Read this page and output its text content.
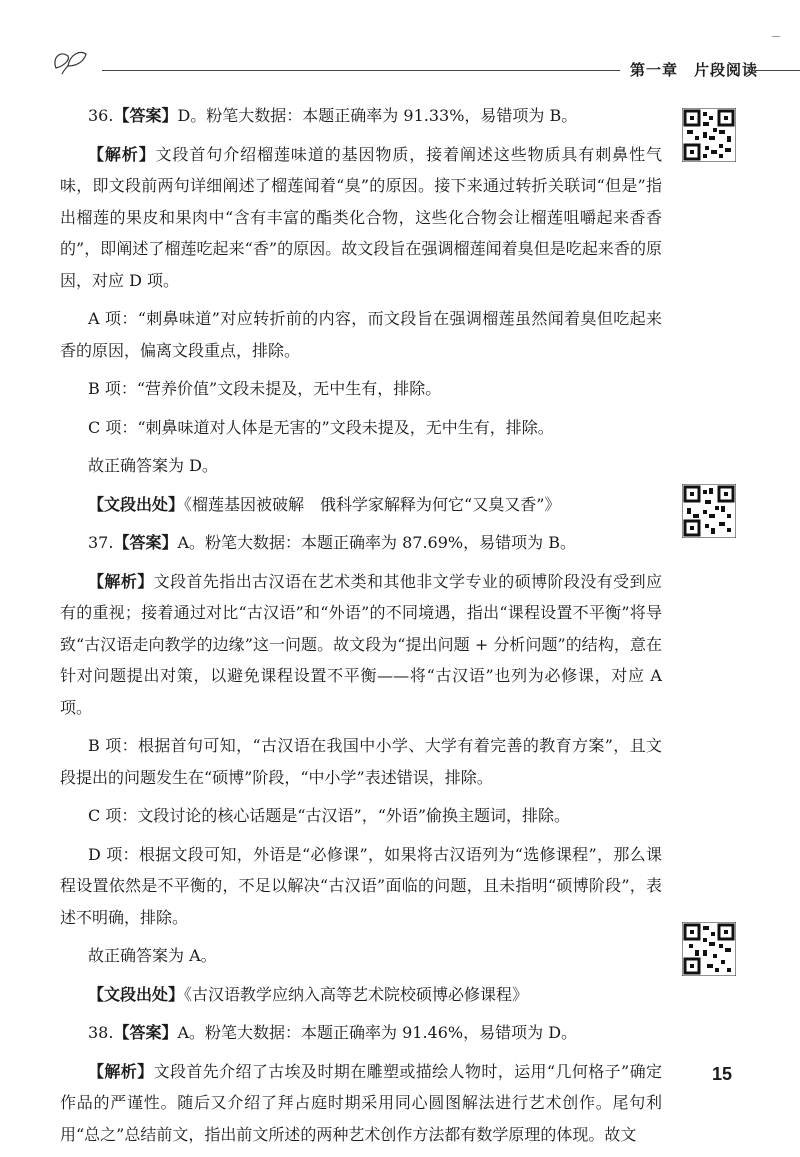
第一章　 片段阅读

36.【答案】D。粉笔大数据：本题正确率为 91.33%，易错项为 B。

【解析】文段首句介绍榴莲味道的基因物质，接着阐述这些物质具有刺鼻性气味，即文段前两句详细阐述了榴莲闻着“臭”的原因。接下来通过转折关联词“但是”指出榴莲的果皮和果肉中“含有丰富的酯类化合物，这些化合物会让榴莲咀嚼起来香香的”，即阐述了榴莲吃起来“香”的原因。故文段旨在强调榴莲闻着臭但是吃起来香的原因，对应 D 项。

A 项：“刺鼻味道”对应转折前的内容，而文段旨在强调榴莲虽然闻着臭但吃起来香的原因，偏离文段重点，排除。

B 项：“营养价值”文段未提及，无中生有，排除。

C 项：“刺鼻味道对人体是无害的”文段未提及，无中生有，排除。

故正确答案为 D。

【文段出处】《榴莲基因被破解　俄科学家解释为何它“又臭又香”》

37.【答案】A。粉笔大数据：本题正确率为 87.69%，易错项为 B。

【解析】文段首先指出古汉语在艺术类和其他非文学专业的硕博阶段没有受到应有的重视；接着通过对比“古汉语”和“外语”的不同境遇，指出“课程设置不平衡”将导致“古汉语走向教学的边缘”这一问题。故文段为“提出问题 + 分析问题”的结构，意在针对问题提出对策，以避免课程设置不平衡——将“古汉语”也列为必修课，对应 A 项。

B 项：根据首句可知，“古汉语在我国中小学、大学有着完善的教育方案”，且文段提出的问题发生在“硕博”阶段，“中小学”表述错误，排除。

C 项：文段讨论的核心话题是“古汉语”，“外语”偷换主题词，排除。

D 项：根据文段可知，外语是“必修课”，如果将古汉语列为“选修课程”，那么课程设置依然是不平衡的，不足以解决“古汉语”面临的问题，且未指明“硕博阶段”，表述不明确，排除。

故正确答案为 A。

【文段出处】《古汉语教学应纳入高等艺术院校硕博必修课程》

38.【答案】A。粉笔大数据：本题正确率为 91.46%，易错项为 D。

【解析】文段首先介绍了古埃及时期在雕塑或描绘人物时，运用“几何格子”确定作品的严谨性。随后又介绍了拜占庭时期采用同心圆图解法进行艺术创作。尾句利用“总之”总结前文，指出前文所述的两种艺术创作方法都有数学原理的体现。故文

15
